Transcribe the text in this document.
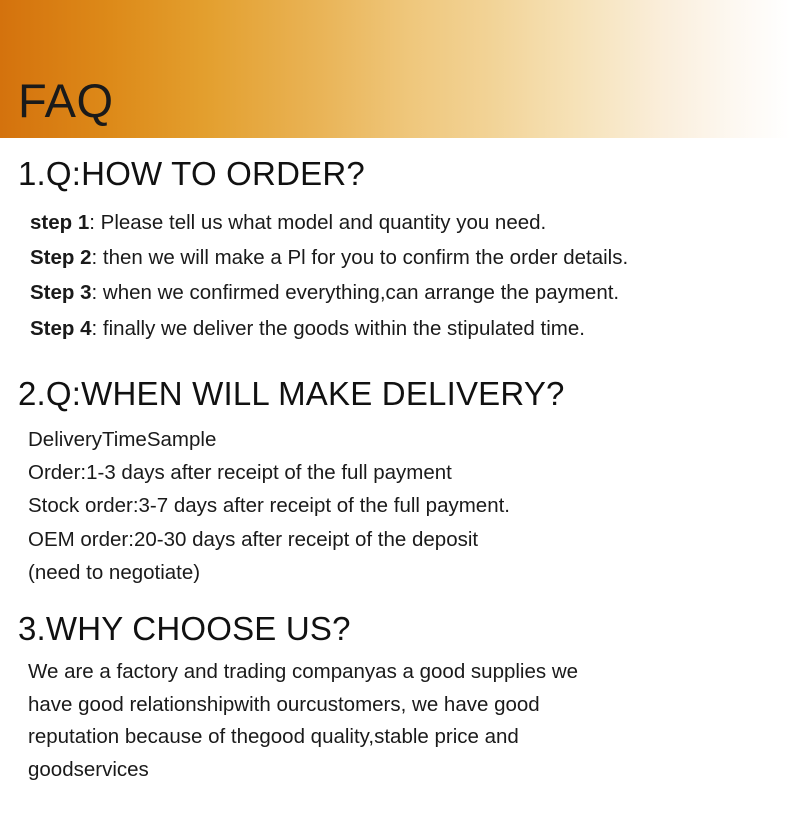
FAQ
1.Q:HOW TO ORDER?
step 1: Please tell us what model and quantity you need.
Step 2: then we will make a Pl for you to confirm the order details.
Step 3: when we confirmed everything,can arrange the payment.
Step 4: finally we deliver the goods within the stipulated time.
2.Q:WHEN WILL MAKE DELIVERY?
DeliveryTimeSample
Order:1-3 days after receipt of the full payment
Stock order:3-7 days after receipt of the full payment.
OEM order:20-30 days after receipt of the deposit
(need to negotiate)
3.WHY CHOOSE US?
We are a factory and trading companyas a good supplies we
have good relationshipwith ourcustomers, we have good
reputation because of thegood quality,stable price and
goodservices
